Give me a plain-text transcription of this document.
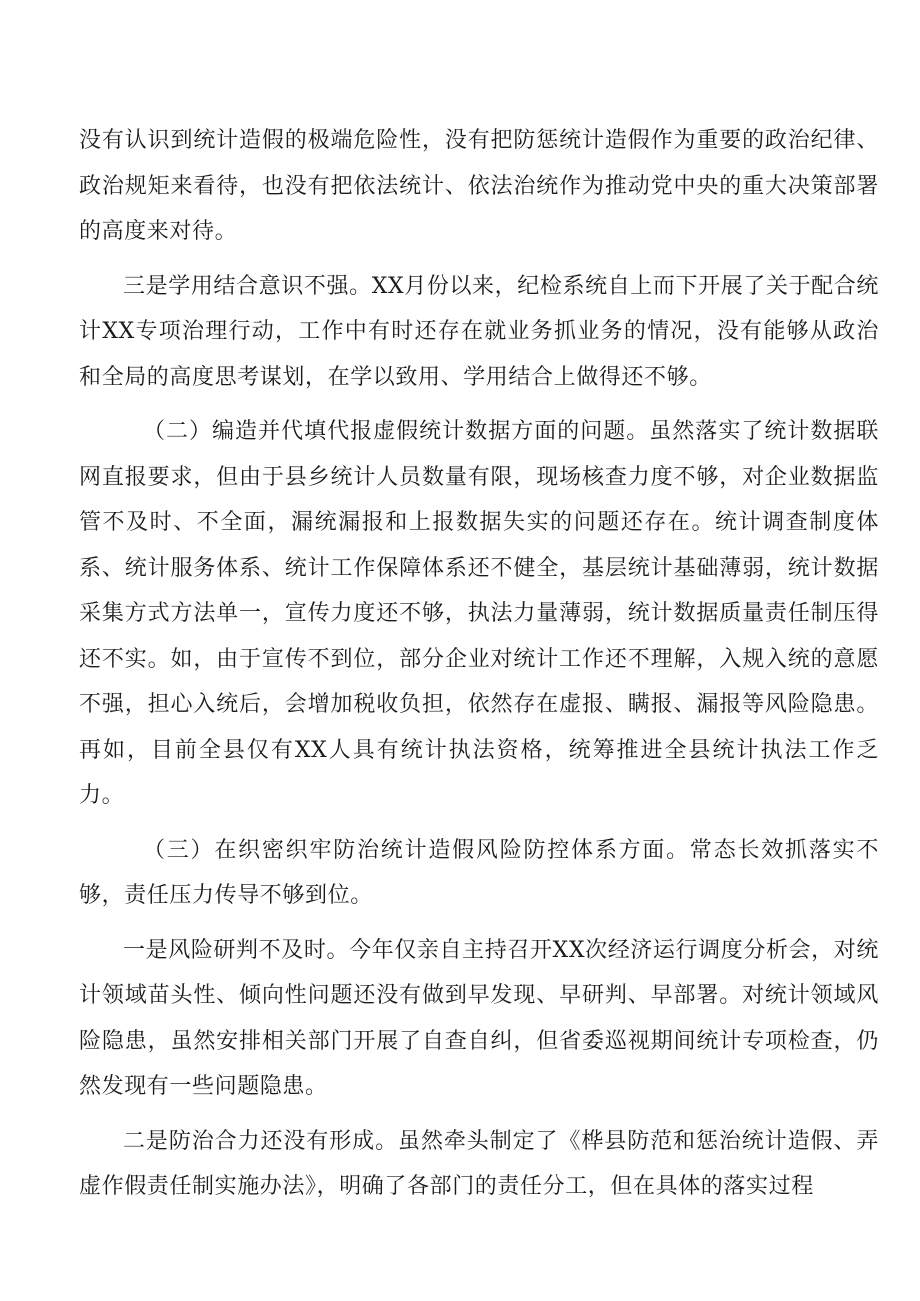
没有认识到统计造假的极端危险性，没有把防惩统计造假作为重要的政治纪律、政治规矩来看待，也没有把依法统计、依法治统作为推动党中央的重大决策部署的高度来对待。

三是学用结合意识不强。XX月份以来，纪检系统自上而下开展了关于配合统计XX专项治理行动，工作中有时还存在就业务抓业务的情况，没有能够从政治和全局的高度思考谋划，在学以致用、学用结合上做得还不够。

（二）编造并代填代报虚假统计数据方面的问题。虽然落实了统计数据联网直报要求，但由于县乡统计人员数量有限，现场核查力度不够，对企业数据监管不及时、不全面，漏统漏报和上报数据失实的问题还存在。统计调查制度体系、统计服务体系、统计工作保障体系还不健全，基层统计基础薄弱，统计数据采集方式方法单一，宣传力度还不够，执法力量薄弱，统计数据质量责任制压得还不实。如，由于宣传不到位，部分企业对统计工作还不理解，入规入统的意愿不强，担心入统后，会增加税收负担，依然存在虚报、瞒报、漏报等风险隐患。再如，目前全县仅有XX人具有统计执法资格，统筹推进全县统计执法工作乏力。

（三）在织密织牢防治统计造假风险防控体系方面。常态长效抓落实不够，责任压力传导不够到位。

一是风险研判不及时。今年仅亲自主持召开XX次经济运行调度分析会，对统计领域苗头性、倾向性问题还没有做到早发现、早研判、早部署。对统计领域风险隐患，虽然安排相关部门开展了自查自纠，但省委巡视期间统计专项检查，仍然发现有一些问题隐患。

二是防治合力还没有形成。虽然牵头制定了《桦县防范和惩治统计造假、弄虚作假责任制实施办法》，明确了各部门的责任分工，但在具体的落实过程
